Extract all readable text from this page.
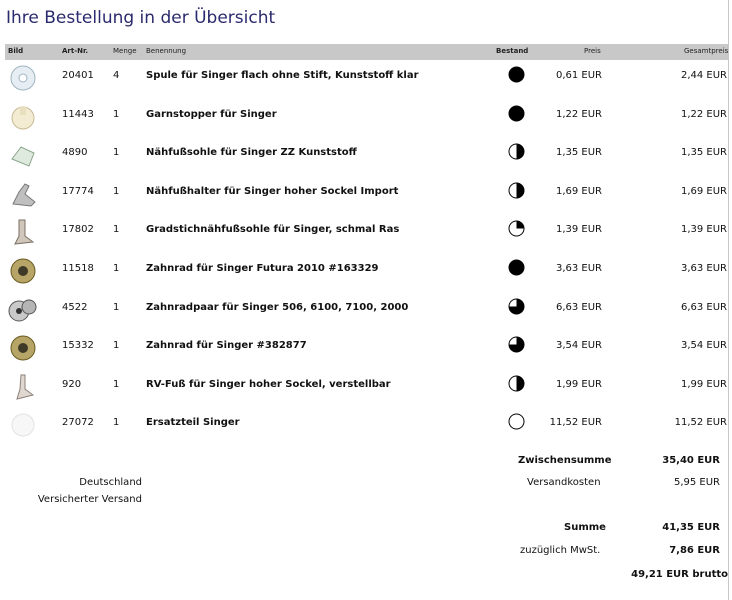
Ihre Bestellung in der Übersicht
Bild	Art-Nr.	Menge Benennung	Bestand	Preis	Gesamtpreis
20401 4	Spule für Singer flach ohne Stift, Kunststoff klar	0,61 EUR	2,44 EUR
11443 1	Garnstopper für Singer	1,22 EUR	1,22 EUR
4890	1	Nähfußsohle für Singer ZZ Kunststoff	1,35 EUR	1,35 EUR
17774 1	Nähfußhalter für Singer hoher Sockel Import	1,69 EUR	1,69 EUR
17802 1	Gradstichnähfußsohle für Singer, schmal Ras	1,39 EUR	1,39 EUR
11518 1	Zahnrad für Singer Futura 2010 #163329	3,63 EUR	3,63 EUR
4522	1	Zahnradpaar für Singer 506, 6100, 7100, 2000	6,63 EUR	6,63 EUR
15332 1	Zahnrad für Singer #382877	3,54 EUR	3,54 EUR
920	1	RV-Fuß für Singer hoher Sockel, verstellbar	1,99 EUR	1,99 EUR
27072 1	Ersatzteil Singer	11,52 EUR	11,52 EUR
Zwischensumme	35,40 EUR
Deutschland
Versicherter Versand
Versandkosten	5,95 EUR
Summe	41,35 EUR
zuzüglich MwSt.	7,86 EUR
49,21 EUR brutto
